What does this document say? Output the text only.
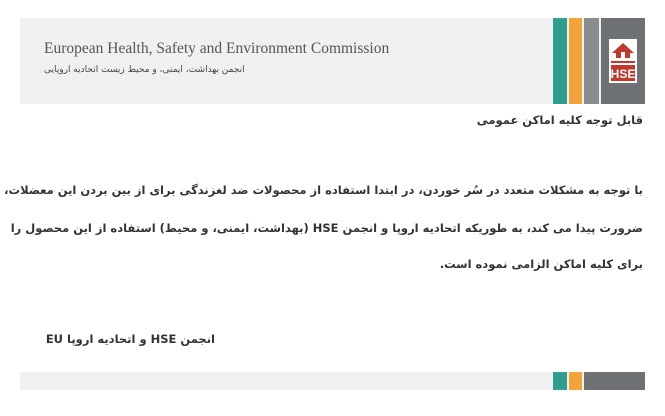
European Health, Safety and Environment Commission
انجمن بهداشت، ایمنی، و محیط زیست اتحادیه اروپایی	HSE
قابل توجه کلیه اماکن عمومی
با توجه به مشکلات متعدد در سُر خوردن، در ابتدا استفاده از محصولات ضد لغزندگی برای از بین بردن این معضلات،
ضرورت پیدا می کند، به طوریکه اتحادیه اروپا و انجمن HSE (بهداشت، ایمنی، و محیط) استفاده از این محصول را
برای کلیه اماکن الزامی نموده است.
انجمن HSE و اتحادیه اروپا EU
